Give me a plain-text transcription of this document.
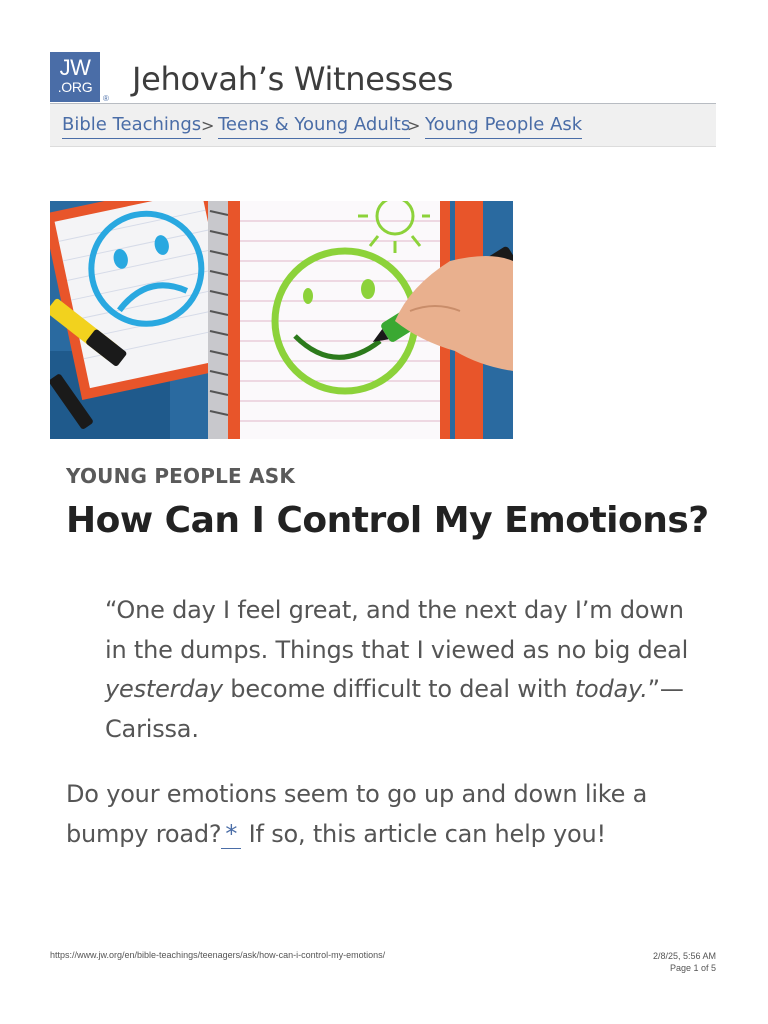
JW
.ORG
®
Jehovah’s Witnesses
Bible Teachings > Teens & Young Adults
> Young People Ask
YOUNG PEOPLE ASK
How Can I Control My Emotions?

“One day I feel great, and the next day I’m down in the dumps. Things that I viewed as no big deal yesterday become difficult to deal with today.”—Carissa.

Do your emotions seem to go up and down like a bumpy road? * If so, this article can help you!

https://www.jw.org/en/bible-teachings/teenagers/ask/how-can-i-control-my-emotions/	2/8/25, 5:56 AM
Page 1 of 5
